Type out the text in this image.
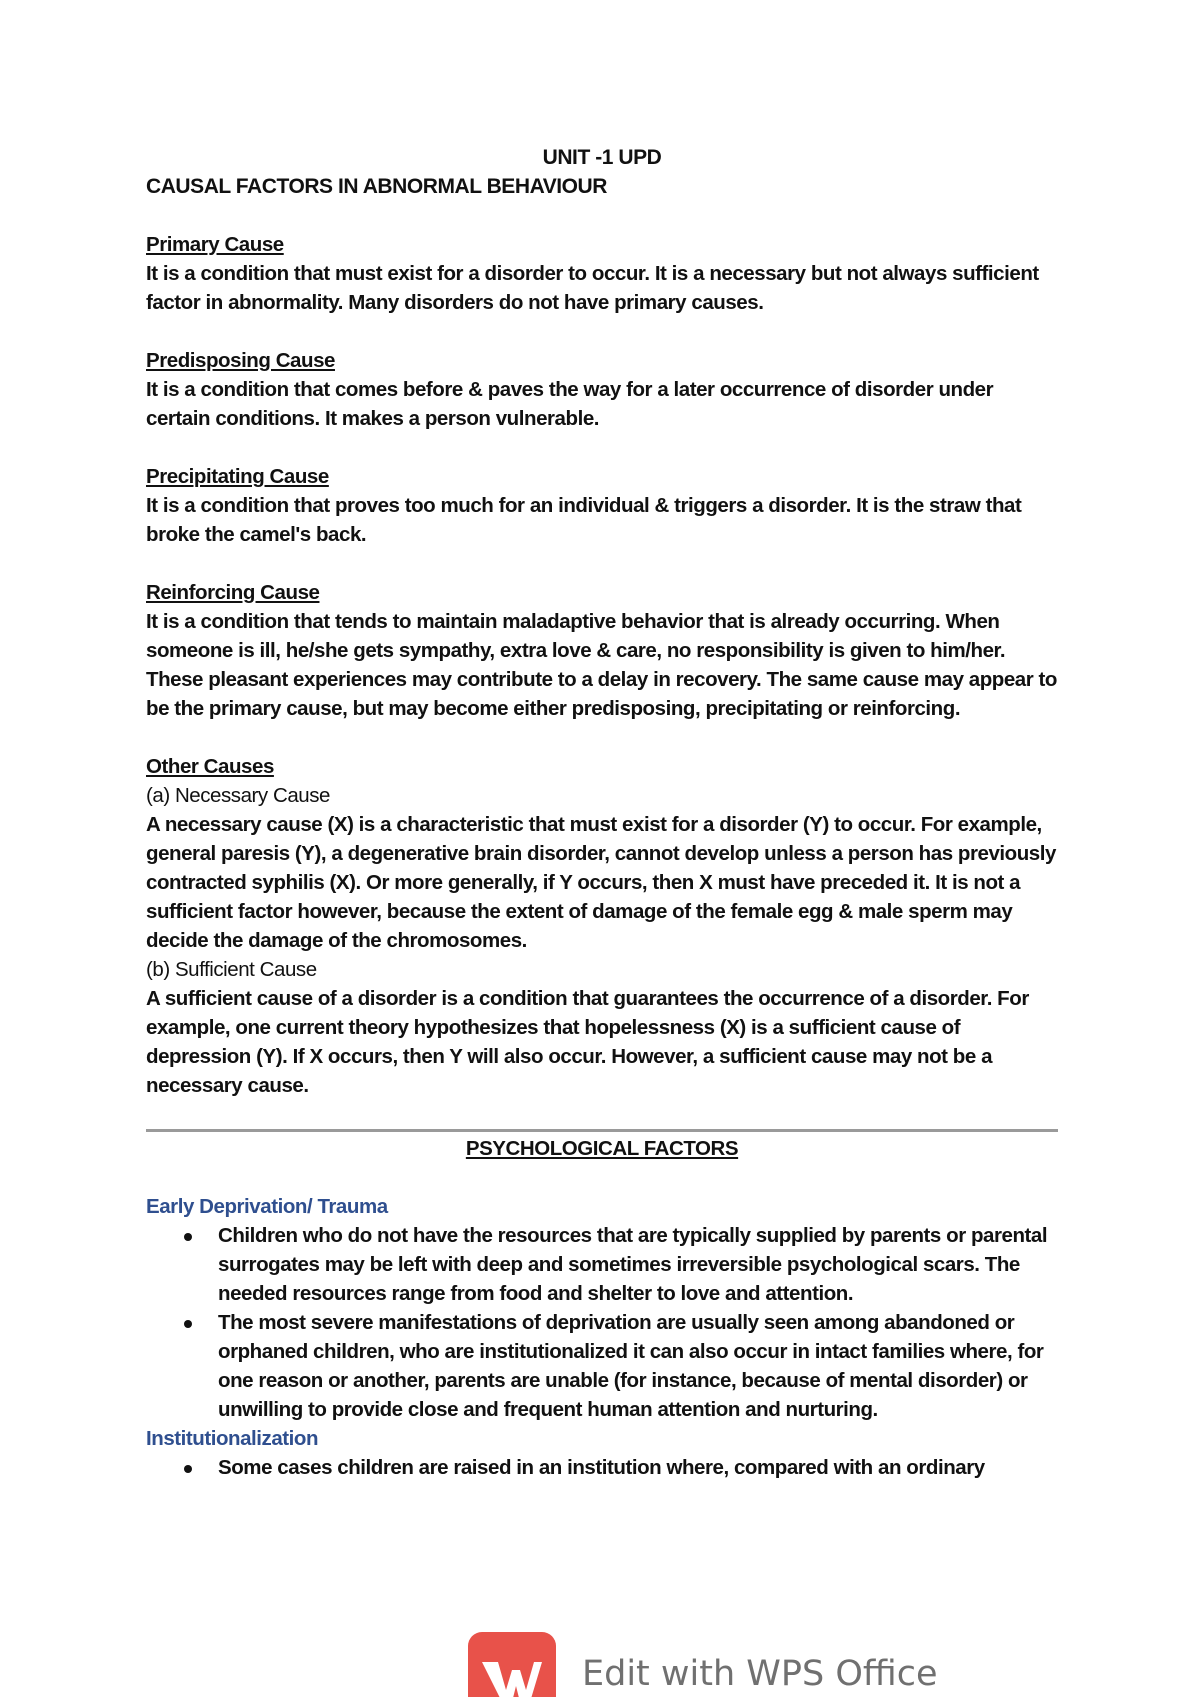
UNIT -1 UPD

CAUSAL FACTORS IN ABNORMAL BEHAVIOUR

Primary Cause

It is a condition that must exist for a disorder to occur. It is a necessary but not always sufficient factor in abnormality. Many disorders do not have primary causes.

Predisposing Cause

It is a condition that comes before & paves the way for a later occurrence of disorder under certain conditions. It makes a person vulnerable.

Precipitating Cause

It is a condition that proves too much for an individual & triggers a disorder. It is the straw that broke the camel's back.

Reinforcing Cause

It is a condition that tends to maintain maladaptive behavior that is already occurring. When someone is ill, he/she gets sympathy, extra love & care, no responsibility is given to him/her. These pleasant experiences may contribute to a delay in recovery. The same cause may appear to be the primary cause, but may become either predisposing, precipitating or reinforcing.

Other Causes

(a) Necessary Cause

A necessary cause (X) is a characteristic that must exist for a disorder (Y) to occur. For example, general paresis (Y), a degenerative brain disorder, cannot develop unless a person has previously contracted syphilis (X). Or more generally, if Y occurs, then X must have preceded it. It is not a sufficient factor however, because the extent of damage of the female egg & male sperm may decide the damage of the chromosomes.

(b) Sufficient Cause

A sufficient cause of a disorder is a condition that guarantees the occurrence of a disorder. For example, one current theory hypothesizes that hopelessness (X) is a sufficient cause of depression (Y). If X occurs, then Y will also occur. However, a sufficient cause may not be a necessary cause.

PSYCHOLOGICAL FACTORS

Early Deprivation/ Trauma

Children who do not have the resources that are typically supplied by parents or parental surrogates may be left with deep and sometimes irreversible psychological scars. The needed resources range from food and shelter to love and attention.
The most severe manifestations of deprivation are usually seen among abandoned or orphaned children, who are institutionalized it can also occur in intact families where, for one reason or another, parents are unable (for instance, because of mental disorder) or unwilling to provide close and frequent human attention and nurturing.

Institutionalization

Some cases children are raised in an institution where, compared with an ordinary
Edit with WPS Office
